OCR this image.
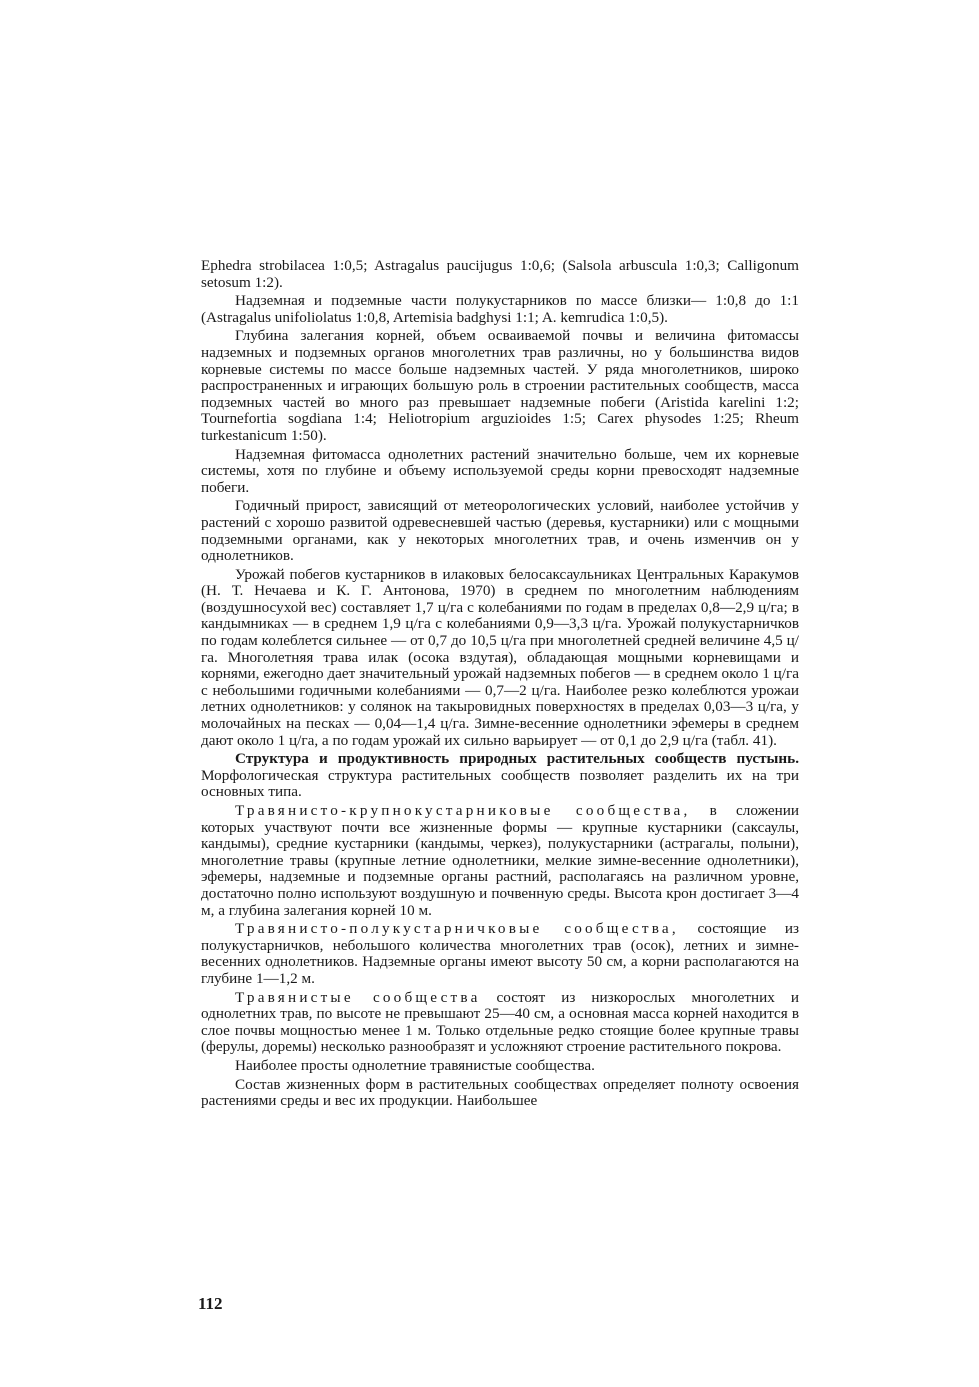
Ephedra strobilacea 1:0,5; Astragalus paucijugus 1:0,6; (Salsola arbuscula 1:0,3; Calligonum setosum 1:2).

Надземная и подземные части полукустарников по массе близки— 1:0,8 до 1:1 (Astragalus unifoliolatus 1:0,8, Artemisia badghysi 1:1; A. kemrudica 1:0,5).

Глубина залегания корней, объем осваиваемой почвы и величина фитомассы надземных и подземных органов многолетних трав различны, но у большинства видов корневые системы по массе больше надземных частей. У ряда многолетников, широко распространенных и играющих большую роль в строении растительных сообществ, масса подземных частей во много раз превышает надземные побеги (Aristida karelini 1:2; Tournefortia sogdiana 1:4; Heliotropium arguzioides 1:5; Carex physodes 1:25; Rheum turkestanicum 1:50).

Надземная фитомасса однолетних растений значительно больше, чем их корневые системы, хотя по глубине и объему используемой среды корни превосходят надземные побеги.

Годичный прирост, зависящий от метеорологических условий, наиболее устойчив у растений с хорошо развитой одревесневшей частью (деревья, кустарники) или с мощными подземными органами, как у некоторых многолетних трав, и очень изменчив он у однолетников.

Урожай побегов кустарников в илаковых белосаксаульниках Центральных Каракумов (Н. Т. Нечаева и К. Г. Антонова, 1970) в среднем по многолетним наблюдениям (воздушносухой вес) составляет 1,7 ц/га с колебаниями по годам в пределах 0,8—2,9 ц/га; в кандымниках — в среднем 1,9 ц/га с колебаниями 0,9—3,3 ц/га. Урожай полукустарничков по годам колеблется сильнее — от 0,7 до 10,5 ц/га при многолетней средней величине 4,5 ц/га. Многолетняя трава илак (осока вздутая), обладающая мощными корневищами и корнями, ежегодно дает значительный урожай надземных побегов — в среднем около 1 ц/га с небольшими годичными колебаниями — 0,7—2 ц/га. Наиболее резко колеблются урожаи летних однолетников: у солянок на такыровидных поверхностях в пределах 0,03—3 ц/га, у молочайных на песках — 0,04—1,4 ц/га. Зимне-весенние однолетники эфемеры в среднем дают около 1 ц/га, а по годам урожай их сильно варьирует — от 0,1 до 2,9 ц/га (табл. 41).

Структура и продуктивность природных растительных сообществ пустынь. Морфологическая структура растительных сообществ позволяет разделить их на три основных типа.

Травянисто-крупнокустарниковые сообщества, в сложении которых участвуют почти все жизненные формы — крупные кустарники (саксаулы, кандымы), средние кустарники (кандымы, черкез), полукустарники (астрагалы, полыни), многолетние травы (крупные летние однолетники, мелкие зимне-весенние однолетники), эфемеры, надземные и подземные органы растний, располагаясь на различном уровне, достаточно полно используют воздушную и почвенную среды. Высота крон достигает 3—4 м, а глубина залегания корней 10 м.

Травянисто-полукустарничковые сообщества, состоящие из полукустарничков, небольшого количества многолетних трав (осок), летних и зимне-весенних однолетников. Надземные органы имеют высоту 50 см, а корни располагаются на глубине 1—1,2 м.

Травянистые сообщества состоят из низкорослых многолетних и однолетних трав, по высоте не превышают 25—40 см, а основная масса корней находится в слое почвы мощностью менее 1 м. Только отдельные редко стоящие более крупные травы (ферулы, доремы) несколько разнообразят и усложняют строение растительного покрова.

Наиболее просты однолетние травянистые сообщества.

Состав жизненных форм в растительных сообществах определяет полноту освоения растениями среды и вес их продукции. Наибольшее

112
